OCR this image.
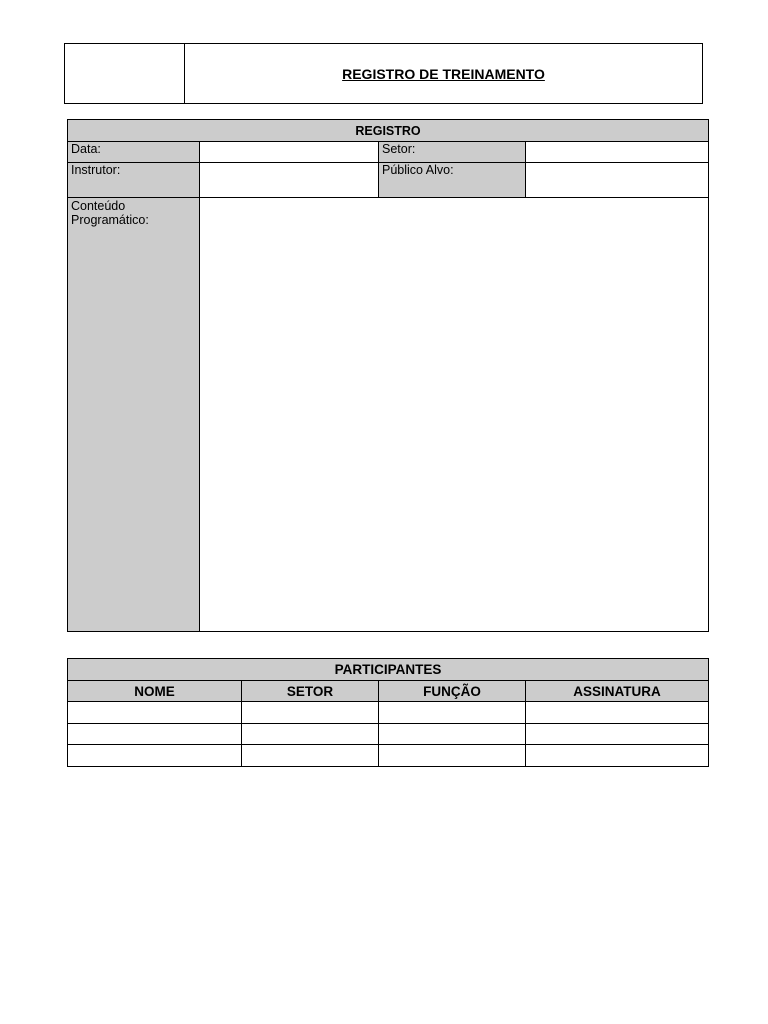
REGISTRO DE TREINAMENTO
REGISTRO			
Data:		Setor:	
Instrutor:		Público Alvo:	

Conteúdo
Programático:			

PARTICIPANTES			
NOME	SETOR	FUNÇÃO	ASSINATURA
